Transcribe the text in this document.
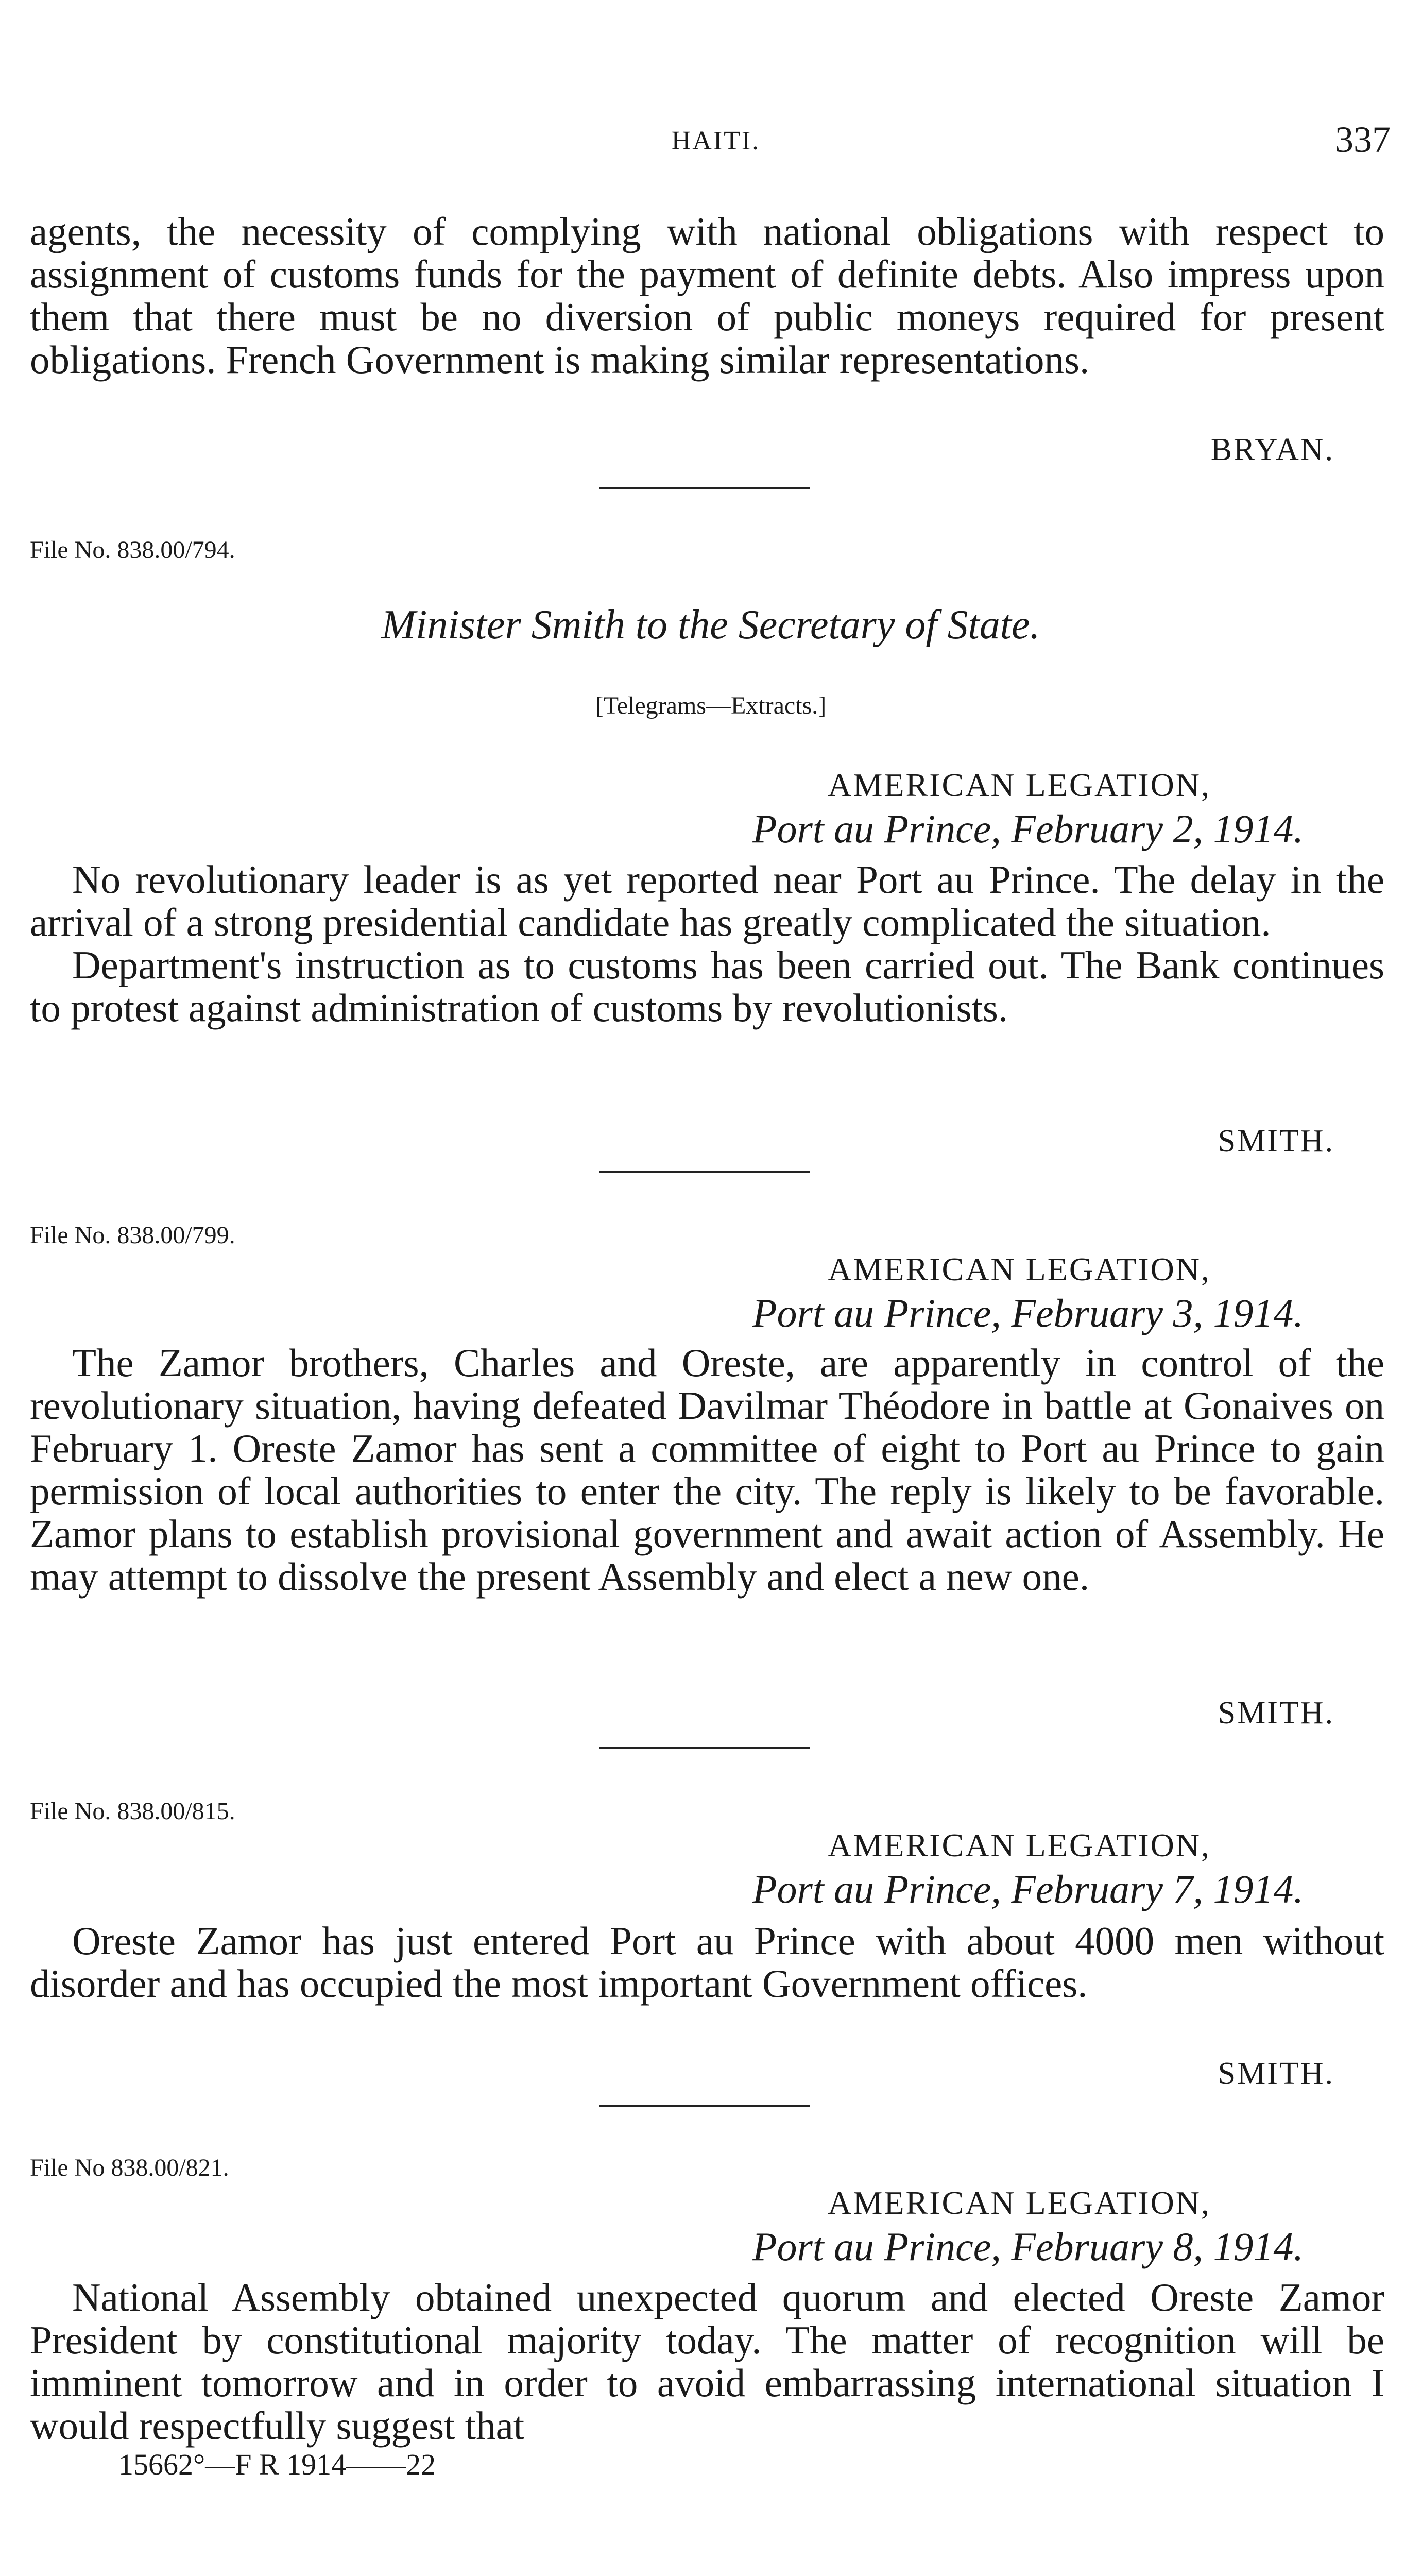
HAITI.	337

agents, the necessity of complying with national obligations with respect to assignment of customs funds for the payment of definite debts. Also impress upon them that there must be no diversion of public moneys required for present obligations. French Government is making similar representations.

BRYAN.
File No. 838.00/794.
Minister Smith to the Secretary of State.
[Telegrams—Extracts.]
AMERICAN LEGATION,
Port au Prince, February 2, 1914.

No revolutionary leader is as yet reported near Port au Prince. The delay in the arrival of a strong presidential candidate has greatly complicated the situation.

Department's instruction as to customs has been carried out. The Bank continues to protest against administration of customs by revolutionists.

SMITH.
File No. 838.00/799.
AMERICAN LEGATION,
Port au Prince, February 3, 1914.

The Zamor brothers, Charles and Oreste, are apparently in control of the revolutionary situation, having defeated Davilmar Théodore in battle at Gonaives on February 1. Oreste Zamor has sent a committee of eight to Port au Prince to gain permission of local authorities to enter the city. The reply is likely to be favorable. Zamor plans to establish provisional government and await action of Assembly. He may attempt to dissolve the present Assembly and elect a new one.

SMITH.
File No. 838.00/815.
AMERICAN LEGATION,
Port au Prince, February 7, 1914.

Oreste Zamor has just entered Port au Prince with about 4000 men without disorder and has occupied the most important Government offices.

SMITH.
File No 838.00/821.
AMERICAN LEGATION,
Port au Prince, February 8, 1914.

National Assembly obtained unexpected quorum and elected Oreste Zamor President by constitutional majority today. The matter of recognition will be imminent tomorrow and in order to avoid embarrassing international situation I would respectfully suggest that

15662°—F R 1914——22
